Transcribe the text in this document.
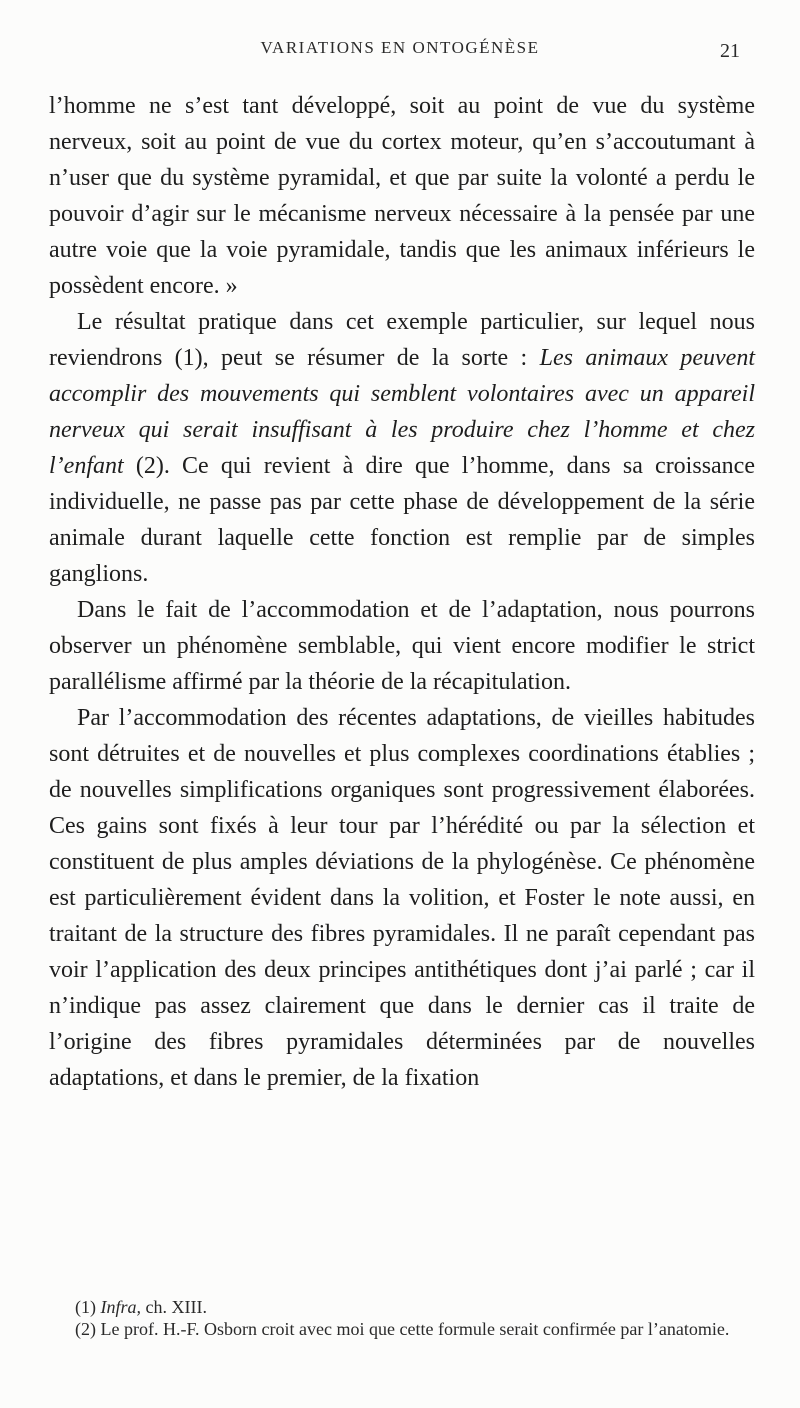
VARIATIONS EN ONTOGÉNÈSE	21

l’homme ne s’est tant développé, soit au point de vue du système nerveux, soit au point de vue du cortex moteur, qu’en s’accoutumant à n’user que du système pyramidal, et que par suite la volonté a perdu le pouvoir d’agir sur le mécanisme nerveux nécessaire à la pensée par une autre voie que la voie pyramidale, tandis que les animaux inférieurs le possèdent encore. »

Le résultat pratique dans cet exemple particulier, sur lequel nous reviendrons (1), peut se résumer de la sorte : Les animaux peuvent accomplir des mouvements qui semblent volontaires avec un appareil nerveux qui serait insuffisant à les produire chez l’homme et chez l’enfant (2). Ce qui revient à dire que l’homme, dans sa croissance individuelle, ne passe pas par cette phase de développement de la série animale durant laquelle cette fonction est remplie par de simples ganglions.

Dans le fait de l’accommodation et de l’adaptation, nous pourrons observer un phénomène semblable, qui vient encore modifier le strict parallélisme affirmé par la théorie de la récapitulation.

Par l’accommodation des récentes adaptations, de vieilles habitudes sont détruites et de nouvelles et plus complexes coordinations établies ; de nouvelles simplifications organiques sont progressivement élaborées. Ces gains sont fixés à leur tour par l’hérédité ou par la sélection et constituent de plus amples déviations de la phylogénèse. Ce phénomène est particulièrement évident dans la volition, et Foster le note aussi, en traitant de la structure des fibres pyramidales. Il ne paraît cependant pas voir l’application des deux principes antithétiques dont j’ai parlé ; car il n’indique pas assez clairement que dans le dernier cas il traite de l’origine des fibres pyramidales déterminées par de nouvelles adaptations, et dans le premier, de la fixation

(1) Infra, ch. XIII.

(2) Le prof. H.-F. Osborn croit avec moi que cette formule serait confirmée par l’anatomie.
